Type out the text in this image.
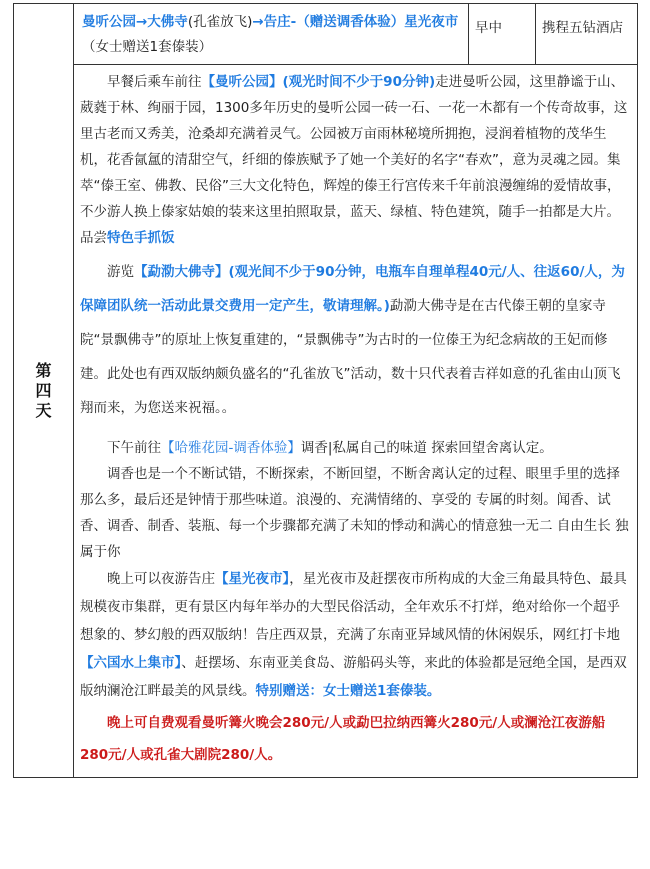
第
四
天
	曼听公园→大佛寺(孔雀放飞)→告庄-（赠送调香体验）星光夜市（女士赠送1套傣装）	早中	携程五钻酒店

早餐后乘车前往【曼听公园】(观光时间不少于90分钟)走进曼听公园，这里静谧于山、葳蕤于林、绚丽于园，1300多年历史的曼听公园一砖一石、一花一木都有一个传奇故事，这里古老而又秀美，沧桑却充满着灵气。公园被万亩雨林秘境所拥抱，浸润着植物的茂华生机，花香氤氲的清甜空气，纤细的傣族赋予了她一个美好的名字“春欢”，意为灵魂之园。集萃“傣王室、佛教、民俗”三大文化特色，辉煌的傣王行宫传来千年前浪漫缠绵的爱情故事，不少游人换上傣家姑娘的装来这里拍照取景，蓝天、绿植、特色建筑，随手一拍都是大片。品尝特色手抓饭

游览【勐泐大佛寺】(观光间不少于90分钟，电瓶车自理单程40元/人、往返60/人，为保障团队统一活动此景交费用一定产生，敬请理解。)勐泐大佛寺是在古代傣王朝的皇家寺院“景飘佛寺”的原址上恢复重建的，“景飘佛寺”为古时的一位傣王为纪念病故的王妃而修建。此处也有西双版纳颇负盛名的“孔雀放飞”活动，数十只代表着吉祥如意的孔雀由山顶飞翔而来，为您送来祝福。。

下午前往【哈雅花园-调香体验】调香|私属自己的味道 探索回望舍离认定。

调香也是一个不断试错，不断探索，不断回望，不断舍离认定的过程、眼里手里的选择那么多，最后还是钟情于那些味道。浪漫的、充满情绪的、享受的 专属的时刻。闻香、试香、调香、制香、装瓶、每一个步骤都充满了未知的悸动和满心的情意独一无二 自由生长 独属于你

晚上可以夜游告庄【星光夜市】，星光夜市及赶摆夜市所构成的大金三角最具特色、最具规模夜市集群，更有景区内每年举办的大型民俗活动，全年欢乐不打烊，绝对给你一个超乎想象的、梦幻般的西双版纳！告庄西双景，充满了东南亚异域风情的休闲娱乐，网红打卡地【六国水上集市】、赶摆场、东南亚美食岛、游船码头等，来此的体验都是冠绝全国，是西双版纳澜沧江畔最美的风景线。特别赠送：女士赠送1套傣装。

晚上可自费观看曼听篝火晚会280元/人或勐巴拉纳西篝火280元/人或澜沧江夜游船280元/人或孔雀大剧院280/人。
